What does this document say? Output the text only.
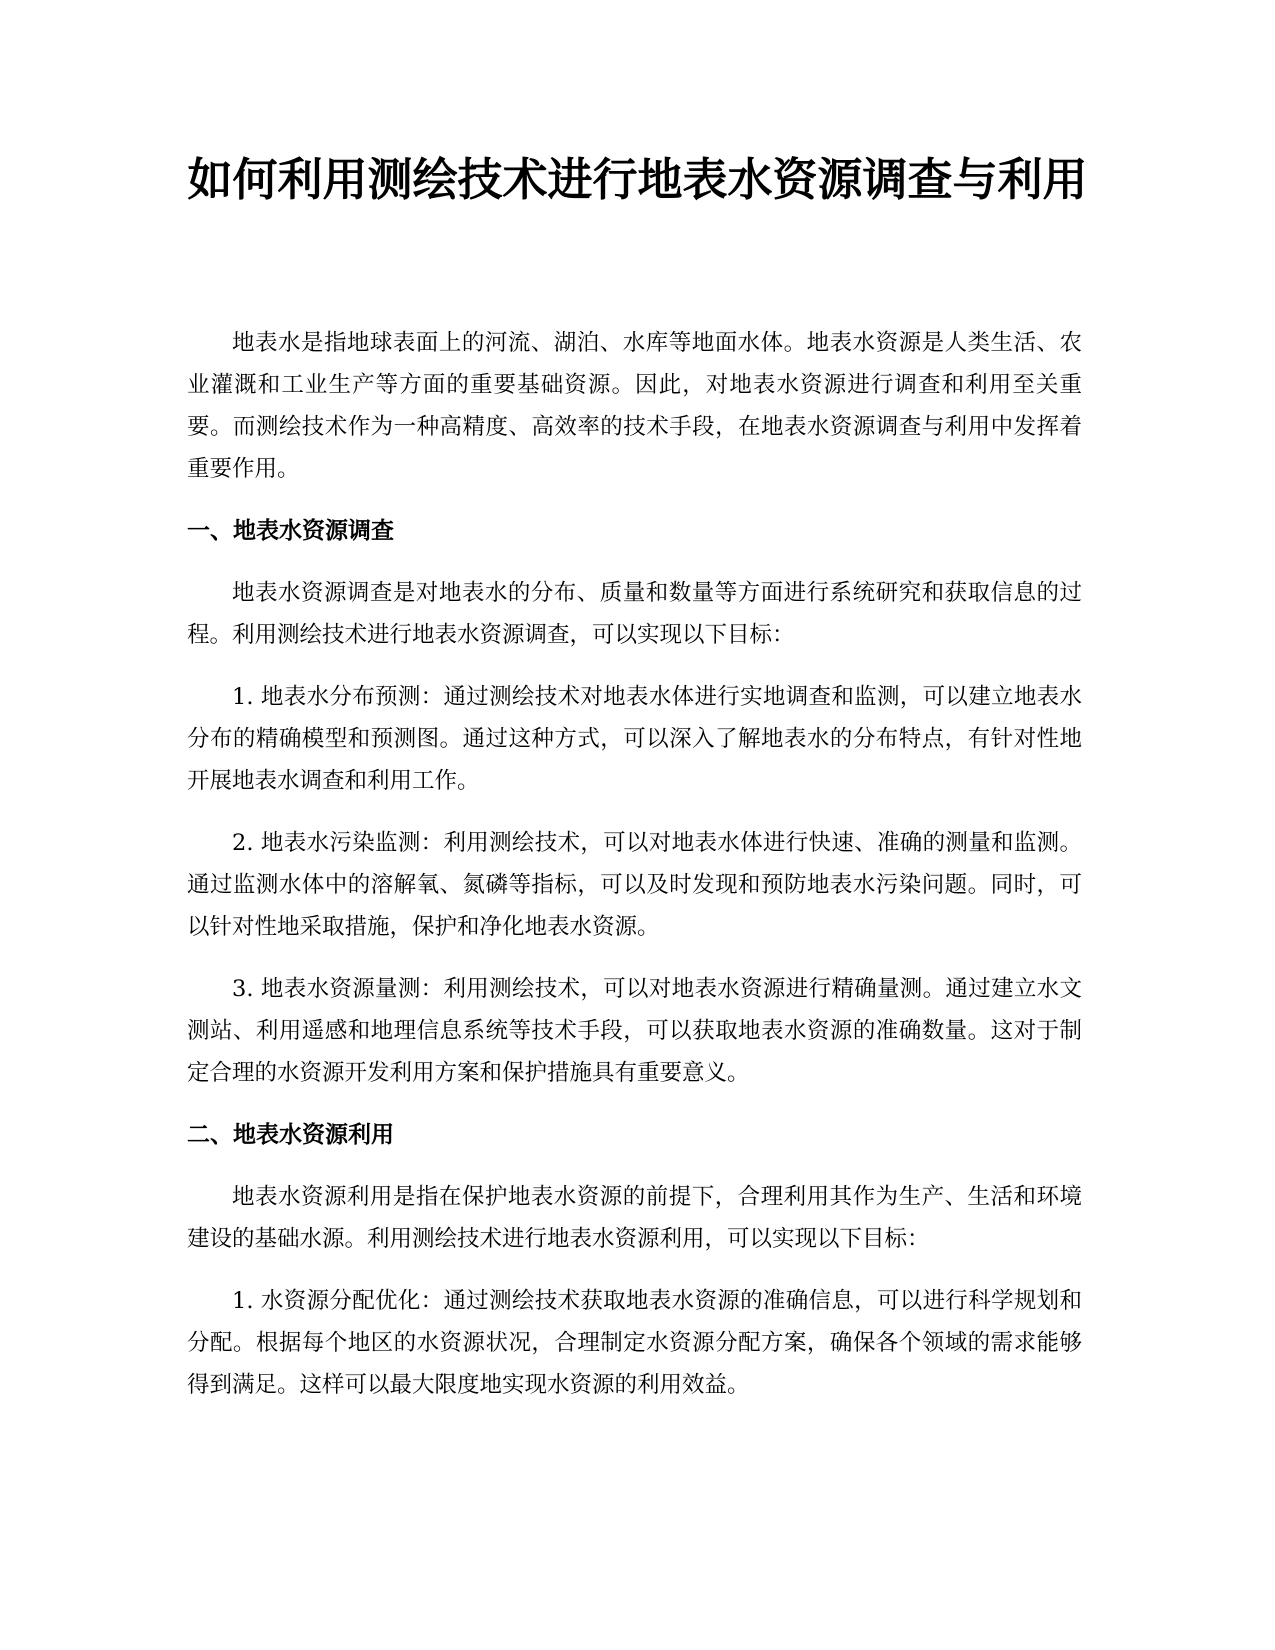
如何利用测绘技术进行地表水资源调查与利用

地表水是指地球表面上的河流、湖泊、水库等地面水体。地表水资源是人类生活、农业灌溉和工业生产等方面的重要基础资源。因此，对地表水资源进行调查和利用至关重要。而测绘技术作为一种高精度、高效率的技术手段，在地表水资源调查与利用中发挥着重要作用。

一、地表水资源调查

地表水资源调查是对地表水的分布、质量和数量等方面进行系统研究和获取信息的过程。利用测绘技术进行地表水资源调查，可以实现以下目标：

1. 地表水分布预测：通过测绘技术对地表水体进行实地调查和监测，可以建立地表水分布的精确模型和预测图。通过这种方式，可以深入了解地表水的分布特点，有针对性地开展地表水调查和利用工作。

2. 地表水污染监测：利用测绘技术，可以对地表水体进行快速、准确的测量和监测。通过监测水体中的溶解氧、氮磷等指标，可以及时发现和预防地表水污染问题。同时，可以针对性地采取措施，保护和净化地表水资源。

3. 地表水资源量测：利用测绘技术，可以对地表水资源进行精确量测。通过建立水文测站、利用遥感和地理信息系统等技术手段，可以获取地表水资源的准确数量。这对于制定合理的水资源开发利用方案和保护措施具有重要意义。

二、地表水资源利用

地表水资源利用是指在保护地表水资源的前提下，合理利用其作为生产、生活和环境建设的基础水源。利用测绘技术进行地表水资源利用，可以实现以下目标：

1. 水资源分配优化：通过测绘技术获取地表水资源的准确信息，可以进行科学规划和分配。根据每个地区的水资源状况，合理制定水资源分配方案，确保各个领域的需求能够得到满足。这样可以最大限度地实现水资源的利用效益。
